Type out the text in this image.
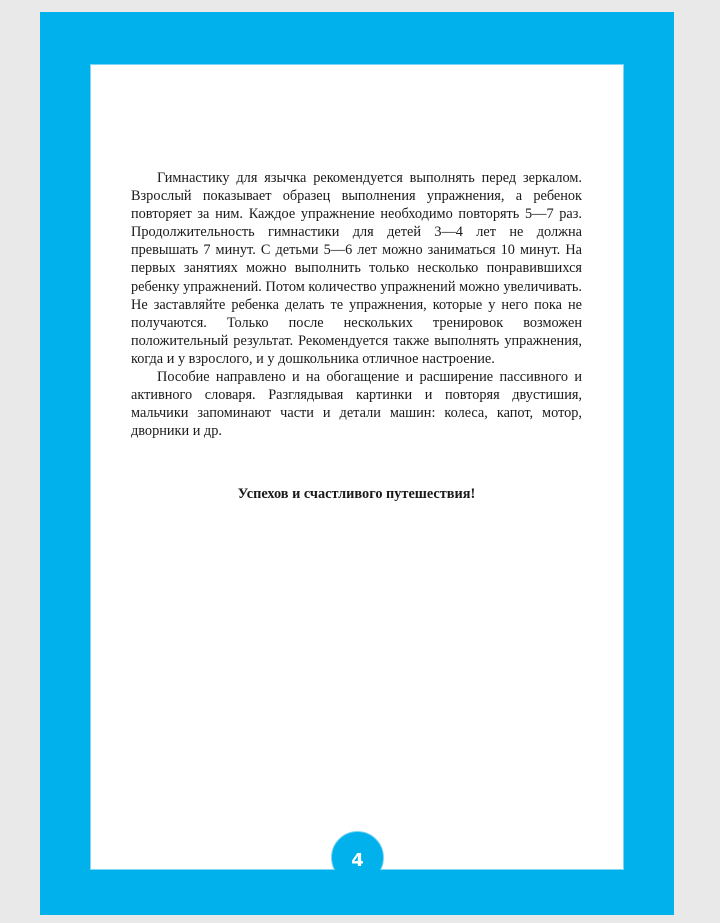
Гимнастику для язычка рекомендуется выполнять перед зеркалом. Взрослый показывает образец выполнения упражнения, а ребенок повторяет за ним. Каждое упражнение необходимо повторять 5—7 раз. Продолжительность гимнастики для детей 3—4 лет не должна превышать 7 минут. С детьми 5—6 лет можно заниматься 10 минут. На первых занятиях можно выполнить только несколько понравившихся ребенку упражнений. Потом количество упражнений можно увеличивать. Не заставляйте ребенка делать те упражнения, которые у него пока не получаются. Только после нескольких тренировок возможен положительный результат. Рекомендуется также выполнять упражнения, когда и у взрослого, и у дошкольника отличное настроение.

Пособие направлено и на обогащение и расширение пассивного и активного словаря. Разглядывая картинки и повторяя двустишия, мальчики запоминают части и детали машин: колеса, капот, мотор, дворники и др.

Успехов и счастливого путешествия!
4
